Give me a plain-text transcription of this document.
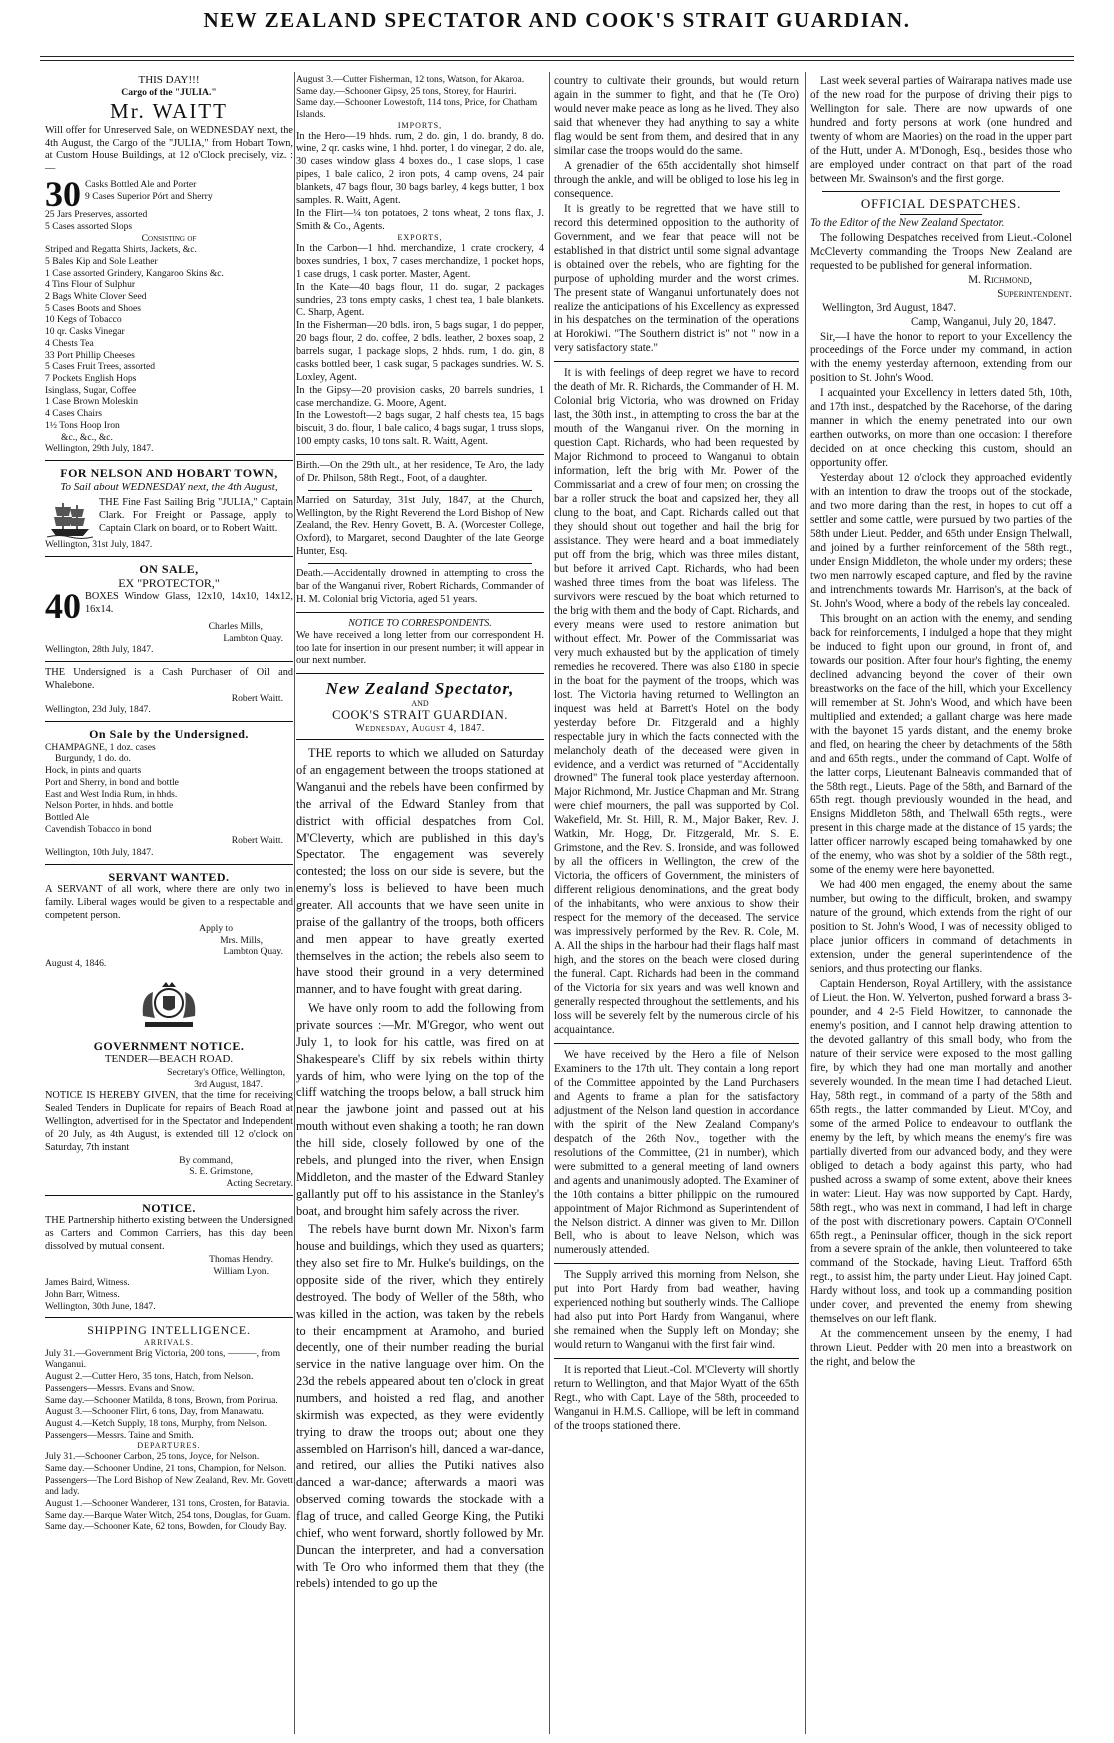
NEW ZEALAND SPECTATOR AND COOK'S STRAIT GUARDIAN.
THIS DAY!!!
Cargo of the "JULIA."
Mr. WAITT
Will offer for Unreserved Sale, on WEDNESDAY next, the 4th August, the Cargo of the "JULIA," from Hobart Town, at Custom House Buildings, at 12 o'Clock precisely, viz. :—
30 Casks Bottled Ale and Porter
9 Cases Superior Pórt and Sherry
25 Jars Preserves, assorted
5 Cases assorted Slops
Consisting of
Striped and Regatta Shirts, Jackets, &c.
5 Bales Kip and Sole Leather
1 Case assorted Grindery, Kangaroo Skins &c.
4 Tins Flour of Sulphur
2 Bags White Clover Seed
5 Cases Boots and Shoes
10 Kegs of Tobacco
10 qr. Casks Vinegar
4 Chests Tea
33 Port Phillip Cheeses
5 Cases Fruit Trees, assorted
7 Pockets English Hops
Isinglass, Sugar, Coffee
1 Case Brown Moleskin
4 Cases Chairs
1½ Tons Hoop Iron
&c., &c., &c.
Wellington, 29th July, 1847.
FOR NELSON AND HOBART TOWN,
To Sail about WEDNESDAY next, the 4th August,
THE Fine Fast Sailing Brig "JULIA," Captain Clark. For Freight or Passage, apply to Captain Clark on board, or to Robert Waitt.
Wellington, 31st July, 1847.
ON SALE,
EX "PROTECTOR,"
40 BOXES Window Glass, 12x10, 14x10, 14x12, 16x14.
Charles Mills,
Lambton Quay.
Wellington, 28th July, 1847.
THE Undersigned is a Cash Purchaser of Oil and Whalebone.
Robert Waitt.
Wellington, 23d July, 1847.
On Sale by the Undersigned.
CHAMPAGNE, 1 doz. cases
Burgundy, 1 do. do.
Hock, in pints and quarts
Port and Sherry, in bond and bottle
East and West India Rum, in hhds.
Nelson Porter, in hhds. and bottle
Bottled Ale
Cavendish Tobacco in bond
Robert Waitt.
Wellington, 10th July, 1847.
SERVANT WANTED.
A SERVANT of all work, where there are only two in family. Liberal wages would be given to a respectable and competent person.
Apply to
Mrs. Mills,
Lambton Quay.
August 4, 1846.
GOVERNMENT NOTICE.
TENDER—BEACH ROAD.
Secretary's Office, Wellington,
3rd August, 1847.
NOTICE IS HEREBY GIVEN, that the time for receiving Sealed Tenders in Duplicate for repairs of Beach Road at Wellington, advertised for in the Spectator and Independent of 20 July, as 4th August, is extended till 12 o'clock on Saturday, 7th instant
By command,
S. E. Grimstone,
Acting Secretary.
NOTICE.
THE Partnership hitherto existing between the Undersigned as Carters and Common Carriers, has this day been dissolved by mutual consent.
Thomas Hendry.
William Lyon.
James Baird, Witness.
John Barr, Witness.
Wellington, 30th June, 1847.
SHIPPING INTELLIGENCE.
ARRIVALS.
July 31.—Government Brig Victoria, 200 tons, ———, from Wanganui.
August 2.—Cutter Hero, 35 tons, Hatch, from Nelson. Passengers—Messrs. Evans and Snow.
Same day.—Schooner Matilda, 8 tons, Brown, from Porirua.
August 3.—Schooner Flirt, 6 tons, Day, from Manawatu.
August 4.—Ketch Supply, 18 tons, Murphy, from Nelson. Passengers—Messrs. Taine and Smith.
DEPARTURES.
July 31.—Schooner Carbon, 25 tons, Joyce, for Nelson.
Same day.—Schooner Undine, 21 tons, Champion, for Nelson. Passengers—The Lord Bishop of New Zealand, Rev. Mr. Govett and lady.
August 1.—Schooner Wanderer, 131 tons, Crosten, for Batavia.
Same day.—Barque Water Witch, 254 tons, Douglas, for Guam.
Same day.—Schooner Kate, 62 tons, Bowden, for Cloudy Bay.
August 3.—Cutter Fisherman, 12 tons, Watson, for Akaroa.
Same day.—Schooner Gipsy, 25 tons, Storey, for Hauriri.
Same day.—Schooner Lowestoft, 114 tons, Price, for Chatham Islands.
IMPORTS,
In the Hero—19 hhds. rum, 2 do. gin, 1 do. brandy, 8 do. wine, 2 qr. casks wine, 1 hhd. porter, 1 do vinegar, 2 do. ale, 30 cases window glass 4 boxes do., 1 case slops, 1 case pipes, 1 bale calico, 2 iron pots, 4 camp ovens, 24 pair blankets, 47 bags flour, 30 bags barley, 4 kegs butter, 1 box samples. R. Waitt, Agent.
In the Flirt—¼ ton potatoes, 2 tons wheat, 2 tons flax, J. Smith & Co., Agents.
EXPORTS,
In the Carbon—1 hhd. merchandize, 1 crate crockery, 4 boxes sundries, 1 box, 7 cases merchandize, 1 pocket hops, 1 case drugs, 1 cask porter. Master, Agent.
In the Kate—40 bags flour, 11 do. sugar, 2 packages sundries, 23 tons empty casks, 1 chest tea, 1 bale blankets. C. Sharp, Agent.
In the Fisherman—20 bdls. iron, 5 bags sugar, 1 do pepper, 20 bags flour, 2 do. coffee, 2 bdls. leather, 2 boxes soap, 2 barrels sugar, 1 package slops, 2 hhds. rum, 1 do. gin, 8 casks bottled beer, 1 cask sugar, 5 packages sundries. W. S. Loxley, Agent.
In the Gipsy—20 provision casks, 20 barrels sundries, 1 case merchandize. G. Moore, Agent.
In the Lowestoft—2 bags sugar, 2 half chests tea, 15 bags biscuit, 3 do. flour, 1 bale calico, 4 bags sugar, 1 truss slops, 100 empty casks, 10 tons salt. R. Waitt, Agent.
Birth.—On the 29th ult., at her residence, Te Aro, the lady of Dr. Philson, 58th Regt., Foot, of a daughter.
Married on Saturday, 31st July, 1847, at the Church, Wellington, by the Right Reverend the Lord Bishop of New Zealand, the Rev. Henry Govett, B. A. (Worcester College, Oxford), to Margaret, second Daughter of the late George Hunter, Esq.
Death.—Accidentally drowned in attempting to cross the bar of the Wanganui river, Robert Richards, Commander of H. M. Colonial brig Victoria, aged 51 years.
NOTICE TO CORRESPONDENTS.
We have received a long letter from our correspondent H. too late for insertion in our present number; it will appear in our next number.
New Zealand Spectator,
AND
COOK'S STRAIT GUARDIAN.
Wednesday, August 4, 1847.

THE reports to which we alluded on Saturday of an engagement between the troops stationed at Wanganui and the rebels have been confirmed by the arrival of the Edward Stanley from that district with official despatches from Col. M'Cleverty, which are published in this day's Spectator. The engagement was severely contested; the loss on our side is severe, but the enemy's loss is believed to have been much greater. All accounts that we have seen unite in praise of the gallantry of the troops, both officers and men appear to have greatly exerted themselves in the action; the rebels also seem to have stood their ground in a very determined manner, and to have fought with great daring.

We have only room to add the following from private sources :—Mr. M'Gregor, who went out July 1, to look for his cattle, was fired on at Shakespeare's Cliff by six rebels within thirty yards of him, who were lying on the top of the cliff watching the troops below, a ball struck him near the jawbone joint and passed out at his mouth without even shaking a tooth; he ran down the hill side, closely followed by one of the rebels, and plunged into the river, when Ensign Middleton, and the master of the Edward Stanley gallantly put off to his assistance in the Stanley's boat, and brought him safely across the river.

The rebels have burnt down Mr. Nixon's farm house and buildings, which they used as quarters; they also set fire to Mr. Hulke's buildings, on the opposite side of the river, which they entirely destroyed. The body of Weller of the 58th, who was killed in the action, was taken by the rebels to their encampment at Aramoho, and buried decently, one of their number reading the burial service in the native language over him. On the 23d the rebels appeared about ten o'clock in great numbers, and hoisted a red flag, and another skirmish was expected, as they were evidently trying to draw the troops out; about one they assembled on Harrison's hill, danced a war-dance, and retired, our allies the Putiki natives also danced a war-dance; afterwards a maori was observed coming towards the stockade with a flag of truce, and called George King, the Putiki chief, who went forward, shortly followed by Mr. Duncan the interpreter, and had a conversation with Te Oro who informed them that they (the rebels) intended to go up the

country to cultivate their grounds, but would return again in the summer to fight, and that he (Te Oro) would never make peace as long as he lived. They also said that whenever they had anything to say a white flag would be sent from them, and desired that in any similar case the troops would do the same.

A grenadier of the 65th accidentally shot himself through the ankle, and will be obliged to lose his leg in consequence.

It is greatly to be regretted that we have still to record this determined opposition to the authority of Government, and we fear that peace will not be established in that district until some signal advantage is obtained over the rebels, who are fighting for the purpose of upholding murder and the worst crimes. The present state of Wanganui unfortunately does not realize the anticipations of his Excellency as expressed in his despatches on the termination of the operations at Horokiwi. "The Southern district is" not " now in a very satisfactory state."

It is with feelings of deep regret we have to record the death of Mr. R. Richards, the Commander of H. M. Colonial brig Victoria, who was drowned on Friday last, the 30th inst., in attempting to cross the bar at the mouth of the Wanganui river. On the morning in question Capt. Richards, who had been requested by Major Richmond to proceed to Wanganui to obtain information, left the brig with Mr. Power of the Commissariat and a crew of four men; on crossing the bar a roller struck the boat and capsized her, they all clung to the boat, and Capt. Richards called out that they should shout out together and hail the brig for assistance. They were heard and a boat immediately put off from the brig, which was three miles distant, but before it arrived Capt. Richards, who had been washed three times from the boat was lifeless. The survivors were rescued by the boat which returned to the brig with them and the body of Capt. Richards, and every means were used to restore animation but without effect. Mr. Power of the Commissariat was very much exhausted but by the application of timely remedies he recovered. There was also £180 in specie in the boat for the payment of the troops, which was lost. The Victoria having returned to Wellington an inquest was held at Barrett's Hotel on the body yesterday before Dr. Fitzgerald and a highly respectable jury in which the facts connected with the melancholy death of the deceased were given in evidence, and a verdict was returned of "Accidentally drowned" The funeral took place yesterday afternoon. Major Richmond, Mr. Justice Chapman and Mr. Strang were chief mourners, the pall was supported by Col. Wakefield, Mr. St. Hill, R. M., Major Baker, Rev. J. Watkin, Mr. Hogg, Dr. Fitzgerald, Mr. S. E. Grimstone, and the Rev. S. Ironside, and was followed by all the officers in Wellington, the crew of the Victoria, the officers of Government, the ministers of different religious denominations, and the great body of the inhabitants, who were anxious to show their respect for the memory of the deceased. The service was impressively performed by the Rev. R. Cole, M. A. All the ships in the harbour had their flags half mast high, and the stores on the beach were closed during the funeral. Capt. Richards had been in the command of the Victoria for six years and was well known and generally respected throughout the settlements, and his loss will be severely felt by the numerous circle of his acquaintance.

We have received by the Hero a file of Nelson Examiners to the 17th ult. They contain a long report of the Committee appointed by the Land Purchasers and Agents to frame a plan for the satisfactory adjustment of the Nelson land question in accordance with the spirit of the New Zealand Company's despatch of the 26th Nov., together with the resolutions of the Committee, (21 in number), which were submitted to a general meeting of land owners and agents and unanimously adopted. The Examiner of the 10th contains a bitter philippic on the rumoured appointment of Major Richmond as Superintendent of the Nelson district. A dinner was given to Mr. Dillon Bell, who is about to leave Nelson, which was numerously attended.

The Supply arrived this morning from Nelson, she put into Port Hardy from bad weather, having experienced nothing but southerly winds. The Calliope had also put into Port Hardy from Wanganui, where she remained when the Supply left on Monday; she would return to Wanganui with the first fair wind.

It is reported that Lieut.-Col. M'Cleverty will shortly return to Wellington, and that Major Wyatt of the 65th Regt., who with Capt. Laye of the 58th, proceeded to Wanganui in H.M.S. Calliope, will be left in command of the troops stationed there.

Last week several parties of Wairarapa natives made use of the new road for the purpose of driving their pigs to Wellington for sale. There are now upwards of one hundred and forty persons at work (one hundred and twenty of whom are Maories) on the road in the upper part of the Hutt, under A. M'Donogh, Esq., besides those who are employed under contract on that part of the road between Mr. Swainson's and the first gorge.

OFFICIAL DESPATCHES.
To the Editor of the New Zealand Spectator.

The following Despatches received from Lieut.-Colonel McCleverty commanding the Troops New Zealand are requested to be published for general information.

M. Richmond,
Superintendent.
Wellington, 3rd August, 1847.
Camp, Wanganui, July 20, 1847.

Sir,—I have the honor to report to your Excellency the proceedings of the Force under my command, in action with the enemy yesterday afternoon, extending from our position to St. John's Wood.

I acquainted your Excellency in letters dated 5th, 10th, and 17th inst., despatched by the Racehorse, of the daring manner in which the enemy penetrated into our own earthen outworks, on more than one occasion: I therefore decided on at once checking this custom, should an opportunity offer.

Yesterday about 12 o'clock they approached evidently with an intention to draw the troops out of the stockade, and two more daring than the rest, in hopes to cut off a settler and some cattle, were pursued by two parties of the 58th under Lieut. Pedder, and 65th under Ensign Thelwall, and joined by a further reinforcement of the 58th regt., under Ensign Middleton, the whole under my orders; these two men narrowly escaped capture, and fled by the ravine and intrenchments towards Mr. Harrison's, at the back of St. John's Wood, where a body of the rebels lay concealed.

This brought on an action with the enemy, and sending back for reinforcements, I indulged a hope that they might be induced to fight upon our ground, in front of, and towards our position. After four hour's fighting, the enemy declined advancing beyond the cover of their own breastworks on the face of the hill, which your Excellency will remember at St. John's Wood, and which have been multiplied and extended; a gallant charge was here made with the bayonet 15 yards distant, and the enemy broke and fled, on hearing the cheer by detachments of the 58th and and 65th regts., under the command of Capt. Wolfe of the latter corps, Lieutenant Balneavis commanded that of the 58th regt., Lieuts. Page of the 58th, and Barnard of the 65th regt. though previously wounded in the head, and Ensigns Middleton 58th, and Thelwall 65th regts., were present in this charge made at the distance of 15 yards; the latter officer narrowly escaped being tomahawked by one of the enemy, who was shot by a soldier of the 58th regt., some of the enemy were here bayonetted.

We had 400 men engaged, the enemy about the same number, but owing to the difficult, broken, and swampy nature of the ground, which extends from the right of our position to St. John's Wood, I was of necessity obliged to place junior officers in command of detachments in extension, under the general superintendence of the seniors, and thus protecting our flanks.

Captain Henderson, Royal Artillery, with the assistance of Lieut. the Hon. W. Yelverton, pushed forward a brass 3-pounder, and 4 2-5 Field Howitzer, to cannonade the enemy's position, and I cannot help drawing attention to the devoted gallantry of this small body, who from the nature of their service were exposed to the most galling fire, by which they had one man mortally and another severely wounded. In the mean time I had detached Lieut. Hay, 58th regt., in command of a party of the 58th and 65th regts., the latter commanded by Lieut. M'Coy, and some of the armed Police to endeavour to outflank the enemy by the left, by which means the enemy's fire was partially diverted from our advanced body, and they were obliged to detach a body against this party, who had pushed across a swamp of some extent, above their knees in water: Lieut. Hay was now supported by Capt. Hardy, 58th regt., who was next in command, I had left in charge of the post with discretionary powers. Captain O'Connell 65th regt., a Peninsular officer, though in the sick report from a severe sprain of the ankle, then volunteered to take command of the Stockade, having Lieut. Trafford 65th regt., to assist him, the party under Lieut. Hay joined Capt. Hardy without loss, and took up a commanding position under cover, and prevented the enemy from shewing themselves on our left flank.

At the commencement unseen by the enemy, I had thrown Lieut. Pedder with 20 men into a breastwork on the right, and below the
